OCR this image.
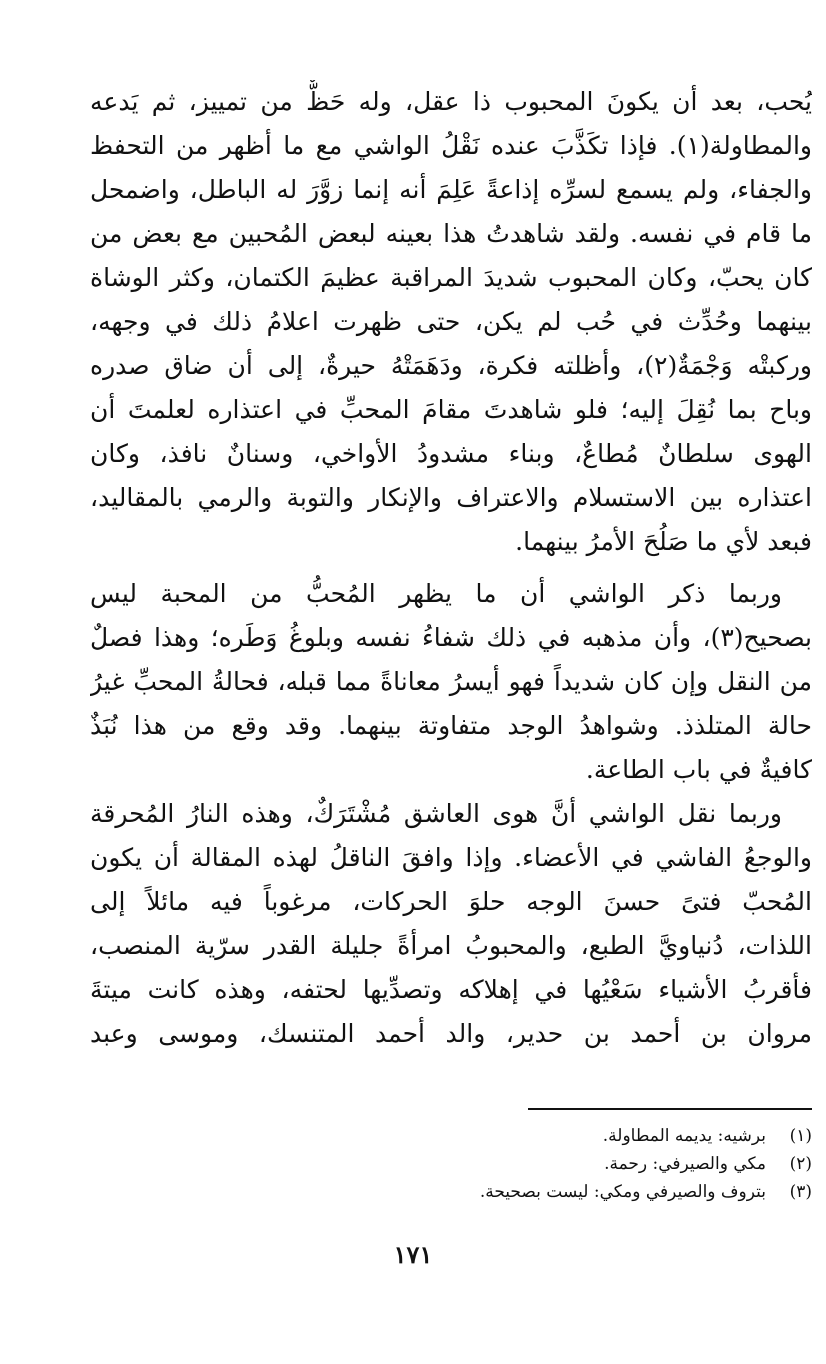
يُحب، بعد أن يكونَ المحبوب ذا عقل، وله حَظٌّ من تمييز، ثم يَدعه
والمطاولة(١). فإذا تكَذَّبَ عنده نَقْلُ الواشي مع ما أظهر من التحفظ
والجفاء، ولم يسمع لسرِّه إذاعةً عَلِمَ أنه إنما زوَّرَ له الباطل، واضمحل
ما قام في نفسه. ولقد شاهدتُ هذا بعينه لبعض المُحبين مع بعض من
كان يحبّ، وكان المحبوب شديدَ المراقبة عظيمَ الكتمان، وكثر الوشاة
بينهما وحُدِّث في حُب لم يكن، حتى ظهرت اعلامُ ذلك في وجهه،
وركبتْه وَجْمَةٌ(٢)، وأظلته فكرة، ودَهَمَتْهُ حيرةٌ، إلى أن ضاق صدره
وباح بما نُقِلَ إليه؛ فلو شاهدتَ مقامَ المحبِّ في اعتذاره لعلمتَ أن
الهوى سلطانٌ مُطاعٌ، وبناء مشدودُ الأواخي، وسنانٌ نافذ، وكان
اعتذاره بين الاستسلام والاعتراف والإنكار والتوبة والرمي بالمقاليد،
فبعد لأي ما صَلُحَ الأمرُ بينهما.
وربما ذكر الواشي أن ما يظهر المُحبُّ من المحبة ليس
بصحيح(٣)، وأن مذهبه في ذلك شفاءُ نفسه وبلوغُ وَطَره؛ وهذا فصلٌ
من النقل وإن كان شديداً فهو أيسرُ معاناةً مما قبله، فحالةُ المحبِّ غيرُ
حالة المتلذذ. وشواهدُ الوجد متفاوتة بينهما. وقد وقع من هذا نُبَذٌ
كافيةٌ في باب الطاعة.
وربما نقل الواشي أنَّ هوى العاشق مُشْتَرَكٌ، وهذه النارُ المُحرقة
والوجعُ الفاشي في الأعضاء. وإذا وافقَ الناقلُ لهذه المقالة أن يكون
المُحبّ فتىً حسنَ الوجه حلوَ الحركات، مرغوباً فيه مائلاً إلى
اللذات، دُنياويَّ الطبع، والمحبوبُ امرأةً جليلة القدر سرّية المنصب،
فأقربُ الأشياء سَعْيُها في إهلاكه وتصدِّيها لحتفه، وهذه كانت ميتةَ
مروان بن أحمد بن حدير، والد أحمد المتنسك، وموسى وعبد
(١)برشيه: يديمه المطاولة.
(٢)مكي والصيرفي: رحمة.
(٣)بتروف والصيرفي ومكي: ليست بصحيحة.
١٧١
